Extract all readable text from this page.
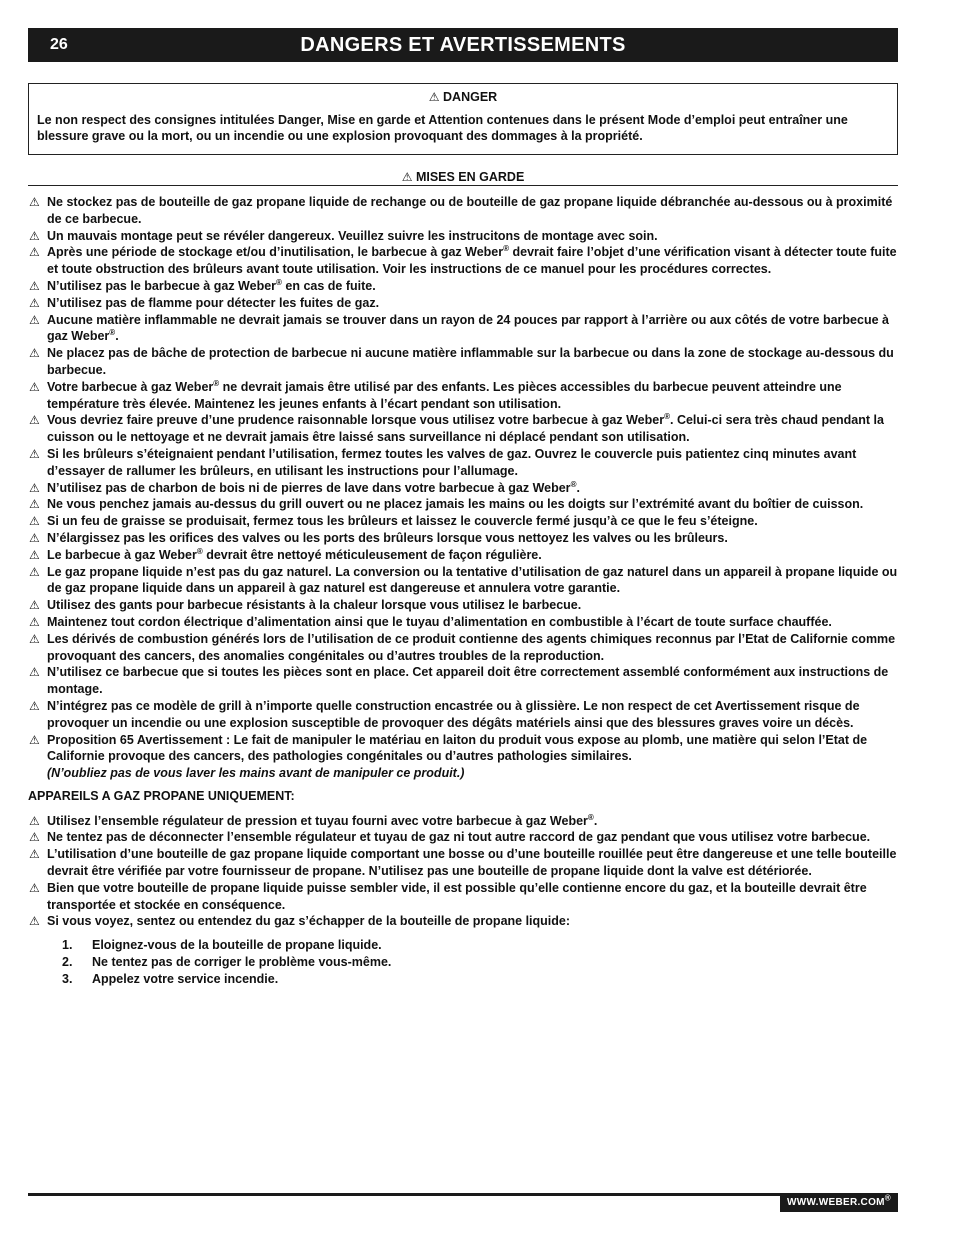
26	DANGERS ET AVERTISSEMENTS
⚠ DANGER
Le non respect des consignes intitulées Danger, Mise en garde et Attention contenues dans le présent Mode d’emploi peut entraîner une blessure grave ou la mort, ou un incendie ou une explosion provoquant des dommages à la propriété.
⚠ MISES EN GARDE
⚠ Ne stockez pas de bouteille de gaz propane liquide de rechange ou de bouteille de gaz propane liquide débranchée au-dessous ou à proximité de ce barbecue.
⚠ Un mauvais montage peut se révéler dangereux. Veuillez suivre les instrucitons de montage avec soin.
⚠ Après une période de stockage et/ou d’inutilisation, le barbecue à gaz Weber® devrait faire l’objet d’une vérification visant à détecter toute fuite et toute obstruction des brûleurs avant toute utilisation. Voir les instructions de ce manuel pour les procédures correctes.
⚠ N’utilisez pas le barbecue à gaz Weber® en cas de fuite.
⚠ N’utilisez pas de flamme pour détecter les fuites de gaz.
⚠ Aucune matière inflammable ne devrait jamais se trouver dans un rayon de 24 pouces par rapport à l’arrière ou aux côtés de votre barbecue à gaz Weber®.
⚠ Ne placez pas de bâche de protection de barbecue ni aucune matière inflammable sur la barbecue ou dans la zone de stockage au-dessous du barbecue.
⚠ Votre barbecue à gaz Weber® ne devrait jamais être utilisé par des enfants. Les pièces accessibles du barbecue peuvent atteindre une température très élevée. Maintenez les jeunes enfants à l’écart pendant son utilisation.
⚠ Vous devriez faire preuve d’une prudence raisonnable lorsque vous utilisez votre barbecue à gaz Weber®. Celui-ci sera très chaud pendant la cuisson ou le nettoyage et ne devrait jamais être laissé sans surveillance ni déplacé pendant son utilisation.
⚠ Si les brûleurs s’éteignaient pendant l’utilisation, fermez toutes les valves de gaz. Ouvrez le couvercle puis patientez cinq minutes avant d’essayer de rallumer les brûleurs, en utilisant les instructions pour l’allumage.
⚠ N’utilisez pas de charbon de bois ni de pierres de lave dans votre barbecue à gaz Weber®.
⚠ Ne vous penchez jamais au-dessus du grill ouvert ou ne placez jamais les mains ou les doigts sur l’extrémité avant du boîtier de cuisson.
⚠ Si un feu de graisse se produisait, fermez tous les brûleurs et laissez le couvercle fermé jusqu’à ce que le feu s’éteigne.
⚠ N’élargissez pas les orifices des valves ou les ports des brûleurs lorsque vous nettoyez les valves ou les brûleurs.
⚠ Le barbecue à gaz Weber® devrait être nettoyé méticuleusement de façon régulière.
⚠ Le gaz propane liquide n’est pas du gaz naturel. La conversion ou la tentative d’utilisation de gaz naturel dans un appareil à propane liquide ou de gaz propane liquide dans un appareil à gaz naturel est dangereuse et annulera votre garantie.
⚠ Utilisez des gants pour barbecue résistants à la chaleur lorsque vous utilisez le barbecue.
⚠ Maintenez tout cordon électrique d’alimentation ainsi que le tuyau d’alimentation en combustible à l’écart de toute surface chauffée.
⚠ Les dérivés de combustion générés lors de l’utilisation de ce produit contienne des agents chimiques reconnus par l’Etat de Californie comme provoquant des cancers, des anomalies congénitales ou d’autres troubles de la reproduction.
⚠ N’utilisez ce barbecue que si toutes les pièces sont en place. Cet appareil doit être correctement assemblé conformément aux instructions de montage.
⚠ N’intégrez pas ce modèle de grill à n’importe quelle construction encastrée ou à glissière. Le non respect de cet Avertissement risque de provoquer un incendie ou une explosion susceptible de provoquer des dégâts matériels ainsi que des blessures graves voire un décès.
⚠ Proposition 65 Avertissement : Le fait de manipuler le matériau en laiton du produit vous expose au plomb, une matière qui selon l’Etat de Californie provoque des cancers, des pathologies congénitales ou d’autres pathologies similaires.
(N’oubliez pas de vous laver les mains avant de manipuler ce produit.)
APPAREILS A GAZ PROPANE UNIQUEMENT:
⚠ Utilisez l’ensemble régulateur de pression et tuyau fourni avec votre barbecue à gaz Weber®.
⚠ Ne tentez pas de déconnecter l’ensemble régulateur et tuyau de gaz ni tout autre raccord de gaz pendant que vous utilisez votre barbecue.
⚠ L’utilisation d’une bouteille de gaz propane liquide comportant une bosse ou d’une bouteille rouillée peut être dangereuse et une telle bouteille devrait être vérifiée par votre fournisseur de propane. N’utilisez pas une bouteille de propane liquide dont la valve est détériorée.
⚠ Bien que votre bouteille de propane liquide puisse sembler vide, il est possible qu’elle contienne encore du gaz, et la bouteille devrait être transportée et stockée en conséquence.
⚠ Si vous voyez, sentez ou entendez du gaz s’échapper de la bouteille de propane liquide:
1. Eloignez-vous de la bouteille de propane liquide.
2. Ne tentez pas de corriger le problème vous-même.
3. Appelez votre service incendie.
WWW.WEBER.COM®
